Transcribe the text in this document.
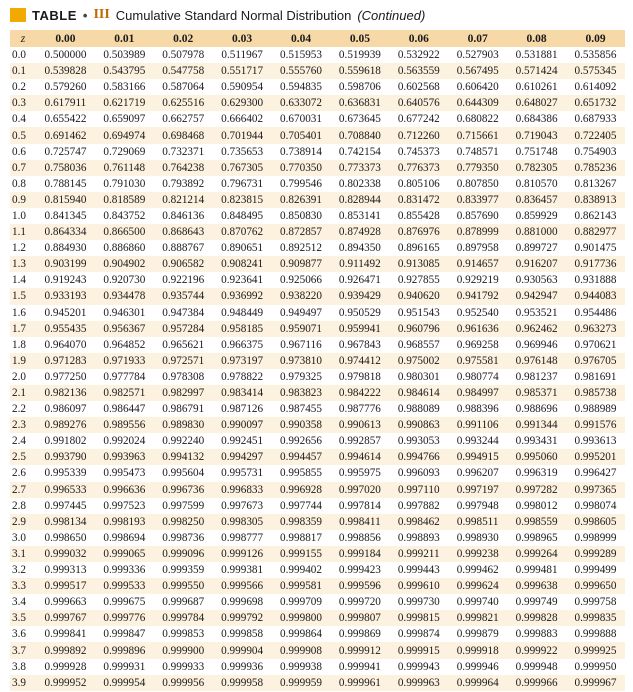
TABLE • III Cumulative Standard Normal Distribution (Continued)
z	0.00	0.01	0.02	0.03	0.04	0.05	0.06	0.07	0.08	0.09
0.0	0.500000	0.503989	0.507978	0.511967	0.515953	0.519939	0.532922	0.527903	0.531881	0.535856
0.1	0.539828	0.543795	0.547758	0.551717	0.555760	0.559618	0.563559	0.567495	0.571424	0.575345
0.2	0.579260	0.583166	0.587064	0.590954	0.594835	0.598706	0.602568	0.606420	0.610261	0.614092
0.3	0.617911	0.621719	0.625516	0.629300	0.633072	0.636831	0.640576	0.644309	0.648027	0.651732
0.4	0.655422	0.659097	0.662757	0.666402	0.670031	0.673645	0.677242	0.680822	0.684386	0.687933
0.5	0.691462	0.694974	0.698468	0.701944	0.705401	0.708840	0.712260	0.715661	0.719043	0.722405
0.6	0.725747	0.729069	0.732371	0.735653	0.738914	0.742154	0.745373	0.748571	0.751748	0.754903
0.7	0.758036	0.761148	0.764238	0.767305	0.770350	0.773373	0.776373	0.779350	0.782305	0.785236
0.8	0.788145	0.791030	0.793892	0.796731	0.799546	0.802338	0.805106	0.807850	0.810570	0.813267
0.9	0.815940	0.818589	0.821214	0.823815	0.826391	0.828944	0.831472	0.833977	0.836457	0.838913
1.0	0.841345	0.843752	0.846136	0.848495	0.850830	0.853141	0.855428	0.857690	0.859929	0.862143
1.1	0.864334	0.866500	0.868643	0.870762	0.872857	0.874928	0.876976	0.878999	0.881000	0.882977
1.2	0.884930	0.886860	0.888767	0.890651	0.892512	0.894350	0.896165	0.897958	0.899727	0.901475
1.3	0.903199	0.904902	0.906582	0.908241	0.909877	0.911492	0.913085	0.914657	0.916207	0.917736
1.4	0.919243	0.920730	0.922196	0.923641	0.925066	0.926471	0.927855	0.929219	0.930563	0.931888
1.5	0.933193	0.934478	0.935744	0.936992	0.938220	0.939429	0.940620	0.941792	0.942947	0.944083
1.6	0.945201	0.946301	0.947384	0.948449	0.949497	0.950529	0.951543	0.952540	0.953521	0.954486
1.7	0.955435	0.956367	0.957284	0.958185	0.959071	0.959941	0.960796	0.961636	0.962462	0.963273
1.8	0.964070	0.964852	0.965621	0.966375	0.967116	0.967843	0.968557	0.969258	0.969946	0.970621
1.9	0.971283	0.971933	0.972571	0.973197	0.973810	0.974412	0.975002	0.975581	0.976148	0.976705
2.0	0.977250	0.977784	0.978308	0.978822	0.979325	0.979818	0.980301	0.980774	0.981237	0.981691
2.1	0.982136	0.982571	0.982997	0.983414	0.983823	0.984222	0.984614	0.984997	0.985371	0.985738
2.2	0.986097	0.986447	0.986791	0.987126	0.987455	0.987776	0.988089	0.988396	0.988696	0.988989
2.3	0.989276	0.989556	0.989830	0.990097	0.990358	0.990613	0.990863	0.991106	0.991344	0.991576
2.4	0.991802	0.992024	0.992240	0.992451	0.992656	0.992857	0.993053	0.993244	0.993431	0.993613
2.5	0.993790	0.993963	0.994132	0.994297	0.994457	0.994614	0.994766	0.994915	0.995060	0.995201
2.6	0.995339	0.995473	0.995604	0.995731	0.995855	0.995975	0.996093	0.996207	0.996319	0.996427
2.7	0.996533	0.996636	0.996736	0.996833	0.996928	0.997020	0.997110	0.997197	0.997282	0.997365
2.8	0.997445	0.997523	0.997599	0.997673	0.997744	0.997814	0.997882	0.997948	0.998012	0.998074
2.9	0.998134	0.998193	0.998250	0.998305	0.998359	0.998411	0.998462	0.998511	0.998559	0.998605
3.0	0.998650	0.998694	0.998736	0.998777	0.998817	0.998856	0.998893	0.998930	0.998965	0.998999
3.1	0.999032	0.999065	0.999096	0.999126	0.999155	0.999184	0.999211	0.999238	0.999264	0.999289
3.2	0.999313	0.999336	0.999359	0.999381	0.999402	0.999423	0.999443	0.999462	0.999481	0.999499
3.3	0.999517	0.999533	0.999550	0.999566	0.999581	0.999596	0.999610	0.999624	0.999638	0.999650
3.4	0.999663	0.999675	0.999687	0.999698	0.999709	0.999720	0.999730	0.999740	0.999749	0.999758
3.5	0.999767	0.999776	0.999784	0.999792	0.999800	0.999807	0.999815	0.999821	0.999828	0.999835
3.6	0.999841	0.999847	0.999853	0.999858	0.999864	0.999869	0.999874	0.999879	0.999883	0.999888
3.7	0.999892	0.999896	0.999900	0.999904	0.999908	0.999912	0.999915	0.999918	0.999922	0.999925
3.8	0.999928	0.999931	0.999933	0.999936	0.999938	0.999941	0.999943	0.999946	0.999948	0.999950
3.9	0.999952	0.999954	0.999956	0.999958	0.999959	0.999961	0.999963	0.999964	0.999966	0.999967
